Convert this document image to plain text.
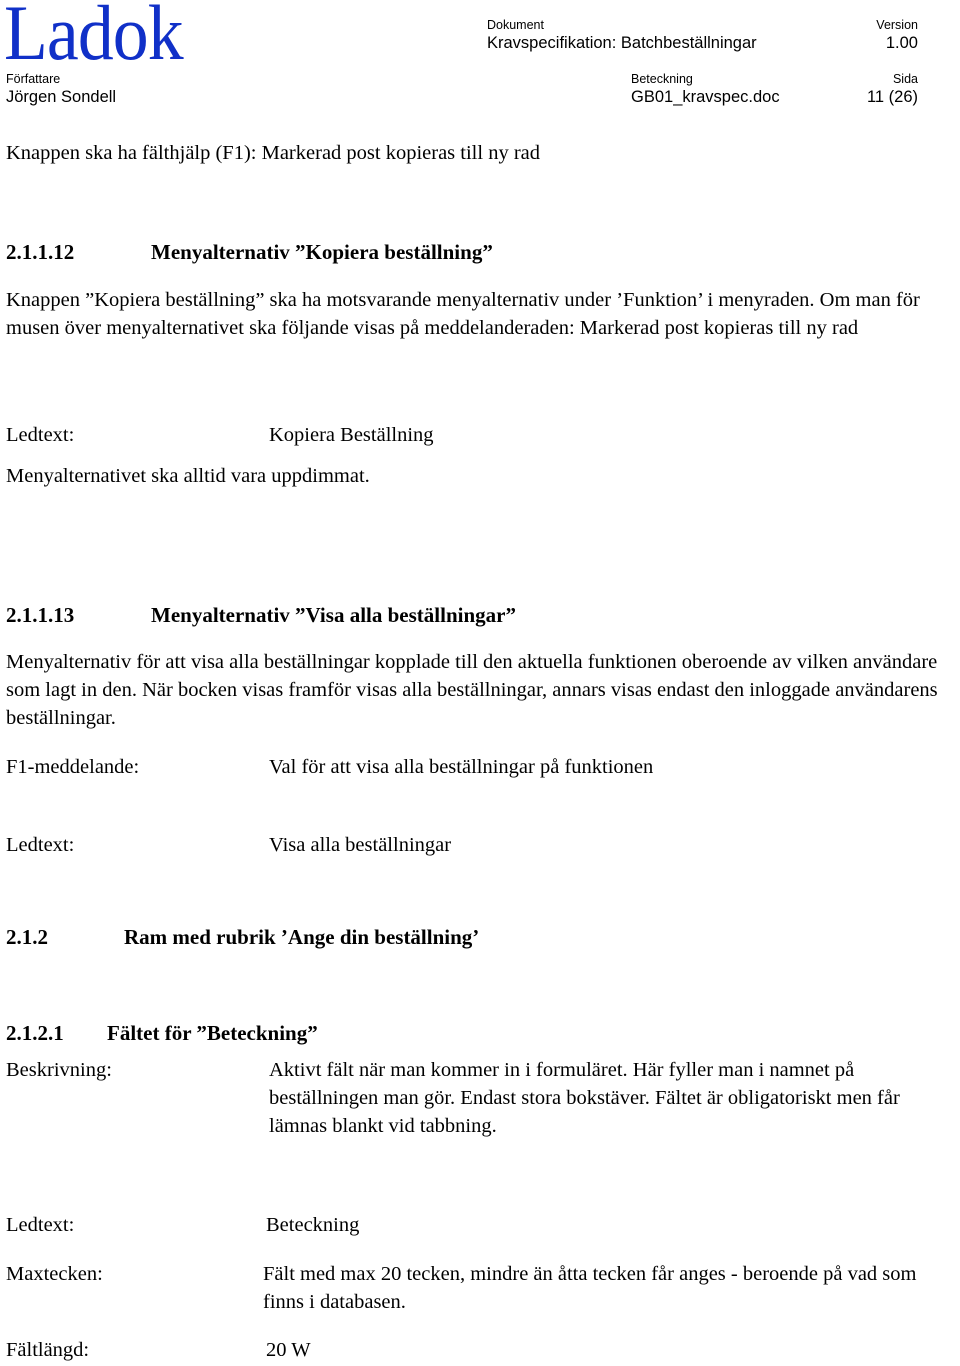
Ladok	Dokument
Kravspecifikation: Batchbeställningar
Version
1.00
Författare
Jörgen Sondell
Beteckning
GB01_kravspec.doc
Sida
11 (26)
Knappen ska ha fälthjälp (F1): Markerad post kopieras till ny rad
2.1.1.12	Menyalternativ ”Kopiera beställning”
Knappen ”Kopiera beställning” ska ha motsvarande menyalternativ under ’Funktion’ i menyraden. Om man för musen över menyalternativet ska följande visas på meddelanderaden: Markerad post kopieras till ny rad
Ledtext:	Kopiera Beställning
Menyalternativet ska alltid vara uppdimmat.
2.1.1.13	Menyalternativ ”Visa alla beställningar”
Menyalternativ för att visa alla beställningar kopplade till den aktuella funktionen oberoende av vilken användare som lagt in den. När bocken visas framför visas alla beställningar, annars visas endast den inloggade användarens beställningar.
F1-meddelande:	Val för att visa alla beställningar på funktionen
Ledtext:	Visa alla beställningar
2.1.2	Ram med rubrik ’Ange din beställning’
2.1.2.1 Fältet för ”Beteckning”
Beskrivning:	Aktivt fält när man kommer in i formuläret. Här fyller man i namnet på beställningen man gör. Endast stora bokstäver. Fältet är obligatoriskt men får lämnas blankt vid tabbning.
Ledtext:	Beteckning
Maxtecken:	Fält med max 20 tecken, mindre än åtta tecken får anges - beroende på vad som finns i databasen.
Fältlängd:	20 W
